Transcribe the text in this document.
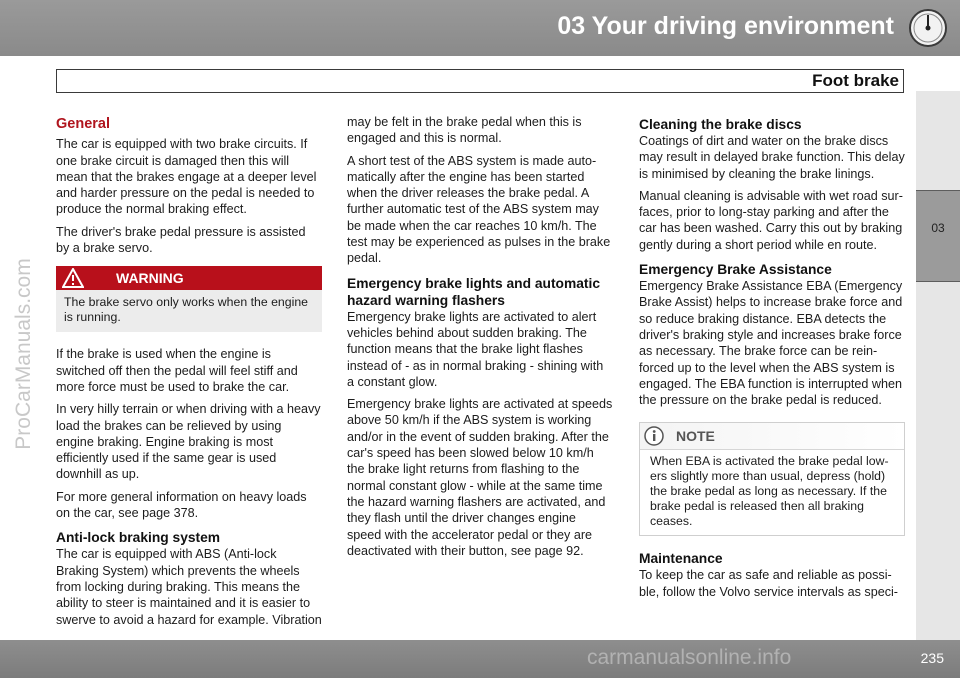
03 Your driving environment
Foot brake
03
ProCarManuals.com
General

The car is equipped with two brake circuits. If one brake circuit is damaged then this will mean that the brakes engage at a deeper level and harder pressure on the pedal is needed to produce the normal braking effect.

The driver's brake pedal pressure is assisted by a brake servo.

WARNING
The brake servo only works when the engine is running.

If the brake is used when the engine is switched off then the pedal will feel stiff and more force must be used to brake the car.

In very hilly terrain or when driving with a heavy load the brakes can be relieved by using engine braking. Engine braking is most efficiently used if the same gear is used downhill as up.

For more general information on heavy loads on the car, see page 378.

Anti-lock braking system

The car is equipped with ABS (Anti-lock Braking System) which prevents the wheels from locking during braking. This means the ability to steer is maintained and it is easier to swerve to avoid a hazard for example. Vibration

may be felt in the brake pedal when this is engaged and this is normal.

A short test of the ABS system is made auto-matically after the engine has been started when the driver releases the brake pedal. A further automatic test of the ABS system may be made when the car reaches 10 km/h. The test may be experienced as pulses in the brake pedal.

Emergency brake lights and automatic hazard warning flashers

Emergency brake lights are activated to alert vehicles behind about sudden braking. The function means that the brake light flashes instead of - as in normal braking - shining with a constant glow.

Emergency brake lights are activated at speeds above 50 km/h if the ABS system is working and/or in the event of sudden braking. After the car's speed has been slowed below 10 km/h the brake light returns from flashing to the normal constant glow - while at the same time the hazard warning flashers are activated, and they flash until the driver changes engine speed with the accelerator pedal or they are deactivated with their button, see page 92.

Cleaning the brake discs

Coatings of dirt and water on the brake discs may result in delayed brake function. This delay is minimised by cleaning the brake linings.

Manual cleaning is advisable with wet road sur-faces, prior to long-stay parking and after the car has been washed. Carry this out by braking gently during a short period while en route.

Emergency Brake Assistance

Emergency Brake Assistance EBA (Emergency Brake Assist) helps to increase brake force and so reduce braking distance. EBA detects the driver's braking style and increases brake force as necessary. The brake force can be rein-forced up to the level when the ABS system is engaged. The EBA function is interrupted when the pressure on the brake pedal is reduced.

NOTE
When EBA is activated the brake pedal low-ers slightly more than usual, depress (hold) the brake pedal as long as necessary. If the brake pedal is released then all braking ceases.
Maintenance

To keep the car as safe and reliable as possi-ble, follow the Volvo service intervals as speci-

235
carmanualsonline.info
